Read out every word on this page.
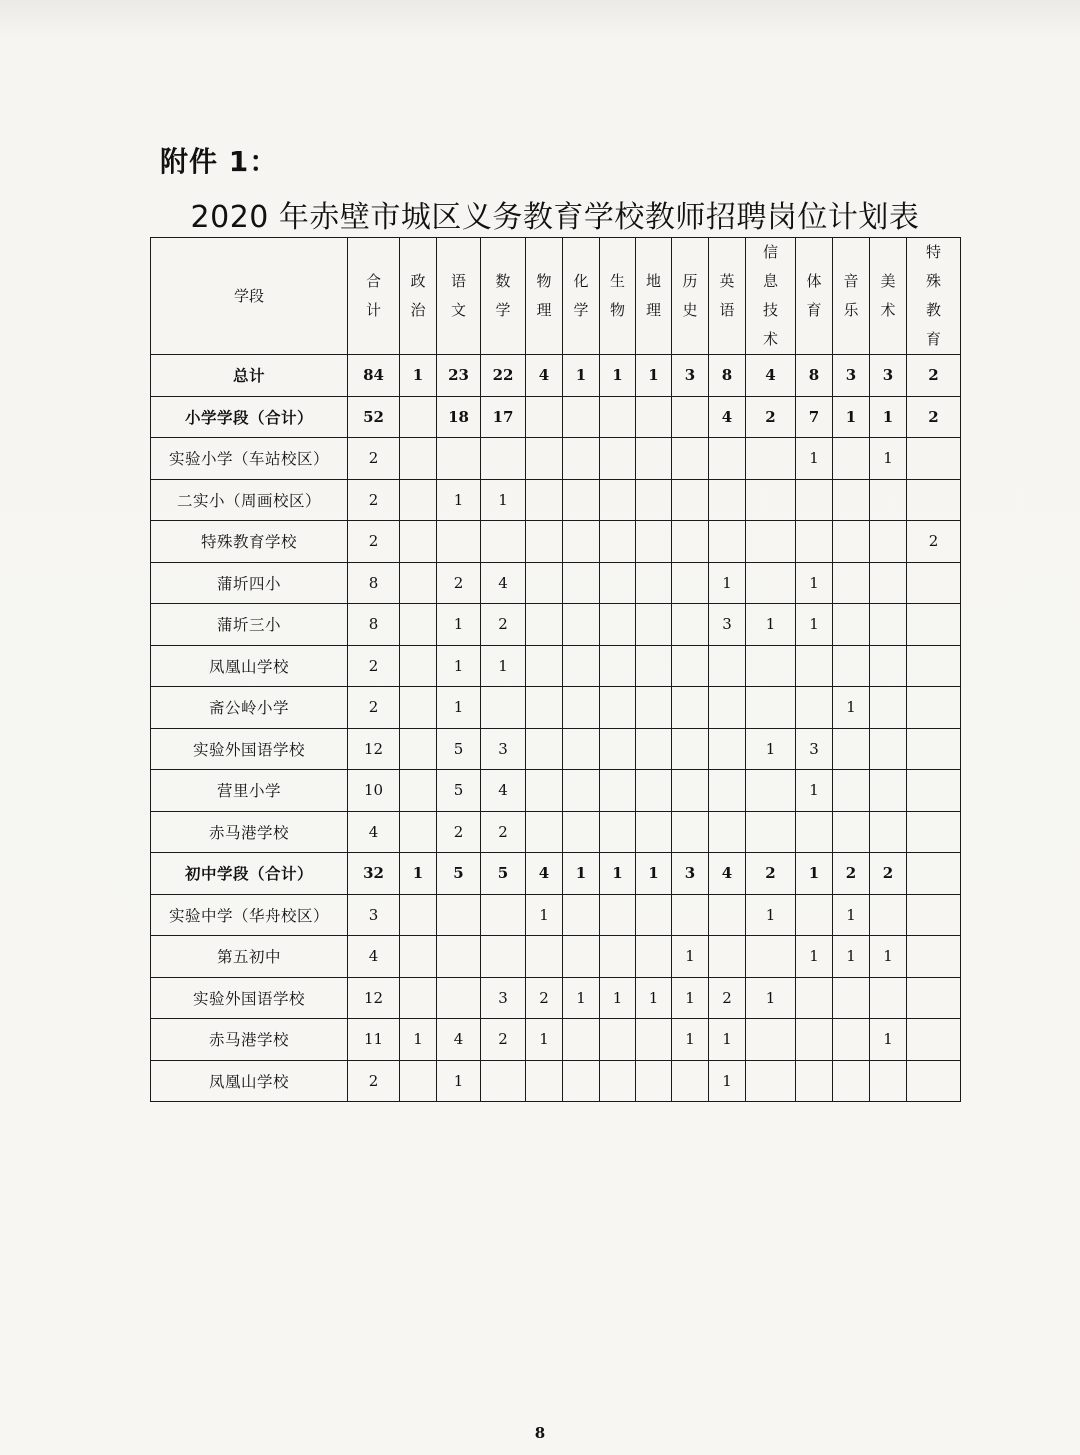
附件 1：
2020 年赤壁市城区义务教育学校教师招聘岗位计划表
学段	合计	政治	语文	数学	物理	化学	生物	地理	历史	英语	信息技术	体育	音乐	美术	特殊教育
总计	84	1	23	22	4	1	1	1	3	8	4	8	3	3	2
小学学段（合计）	52		18	17						4	2	7	1	1	2
实验小学（车站校区）	2											1		1	
二实小（周画校区）	2		1	1											
特殊教育学校	2														2
蒲圻四小	8		2	4						1		1			
蒲圻三小	8		1	2						3	1	1			
凤凰山学校	2		1	1											
斋公岭小学	2		1										1		
实验外国语学校	12		5	3							1	3			
营里小学	10		5	4								1			
赤马港学校	4		2	2											
初中学段（合计）	32	1	5	5	4	1	1	1	3	4	2	1	2	2	
实验中学（华舟校区）	3				1						1		1		
第五初中	4								1			1	1	1	
实验外国语学校	12			3	2	1	1	1	1	2	1				
赤马港学校	11	1	4	2	1				1	1				1	
凤凰山学校	2		1							1					
8
